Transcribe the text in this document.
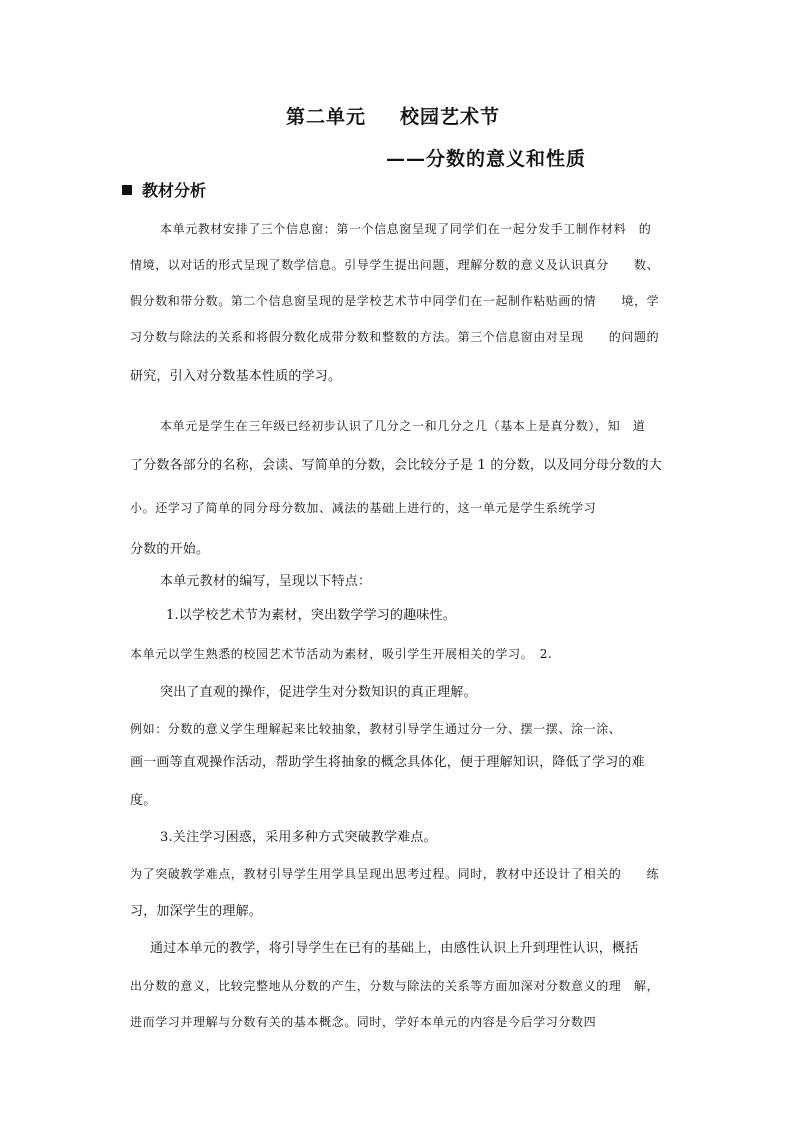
第二单元 校园艺术节
——分数的意义和性质
教材分析

本单元教材安排了三个信息窗：第一个信息窗呈现了同学们在一起分发手工制作材料　的

情境，以对话的形式呈现了数学信息。引导学生提出问题，理解分数的意义及认识真分　　数、

假分数和带分数。第二个信息窗呈现的是学校艺术节中同学们在一起制作粘贴画的情　　境，学

习分数与除法的关系和将假分数化成带分数和整数的方法。第三个信息窗由对呈现　　的问题的

研究，引入对分数基本性质的学习。

本单元是学生在三年级已经初步认识了几分之一和几分之几（基本上是真分数），知　道

了分数各部分的名称，会读、写简单的分数，会比较分子是 1 的分数，以及同分母分数的大

小。还学习了简单的同分母分数加、减法的基础上进行的，这一单元是学生系统学习

分数的开始。

本单元教材的编写，呈现以下特点：

1.以学校艺术节为素材，突出数学学习的趣味性。

本单元以学生熟悉的校园艺术节活动为素材，吸引学生开展相关的学习。　2.

突出了直观的操作，促进学生对分数知识的真正理解。

例如：分数的意义学生理解起来比较抽象，教材引导学生通过分一分、摆一摆、涂一涂、

画一画等直观操作活动，帮助学生将抽象的概念具体化，便于理解知识，降低了学习的难

度。

3.关注学习困惑，采用多种方式突破教学难点。

为了突破教学难点，教材引导学生用学具呈现出思考过程。同时，教材中还设计了相关的　　练

习，加深学生的理解。

通过本单元的教学，将引导学生在已有的基础上，由感性认识上升到理性认识，概括

出分数的意义，比较完整地从分数的产生，分数与除法的关系等方面加深对分数意义的理　解，

进而学习并理解与分数有关的基本概念。同时，学好本单元的内容是今后学习分数四
